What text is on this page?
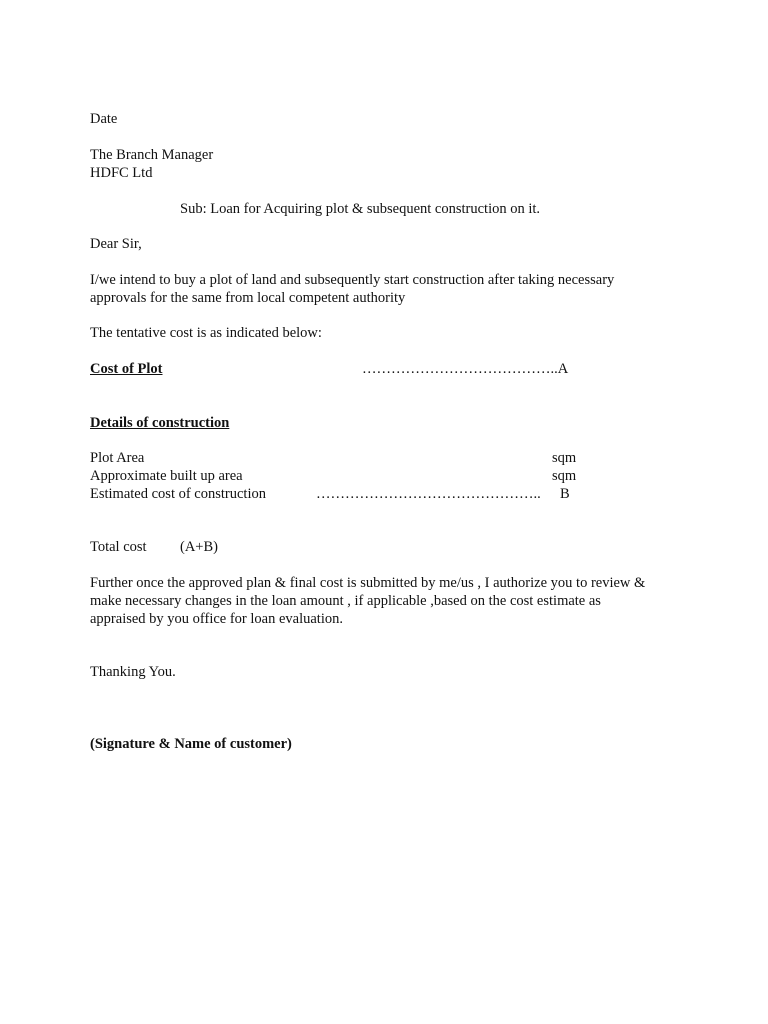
Date
The Branch Manager
HDFC Ltd
Sub: Loan for Acquiring plot & subsequent construction on it.
Dear Sir,
I/we intend to buy a plot of land and subsequently start construction after taking necessary
approvals for the same from local competent authority
The tentative cost is as indicated below:
Cost of Plot	…………………………………..A
Details of construction
Plot Area	sqm
Approximate built up area	sqm
Estimated cost of construction	……………………………………….. B
Total cost (A+B)
Further once the approved plan & final cost is submitted by me/us , I authorize you to review &
make necessary changes in the loan amount , if applicable ,based on the cost estimate as
appraised by you office for loan evaluation.
Thanking You.
(Signature & Name of customer)
